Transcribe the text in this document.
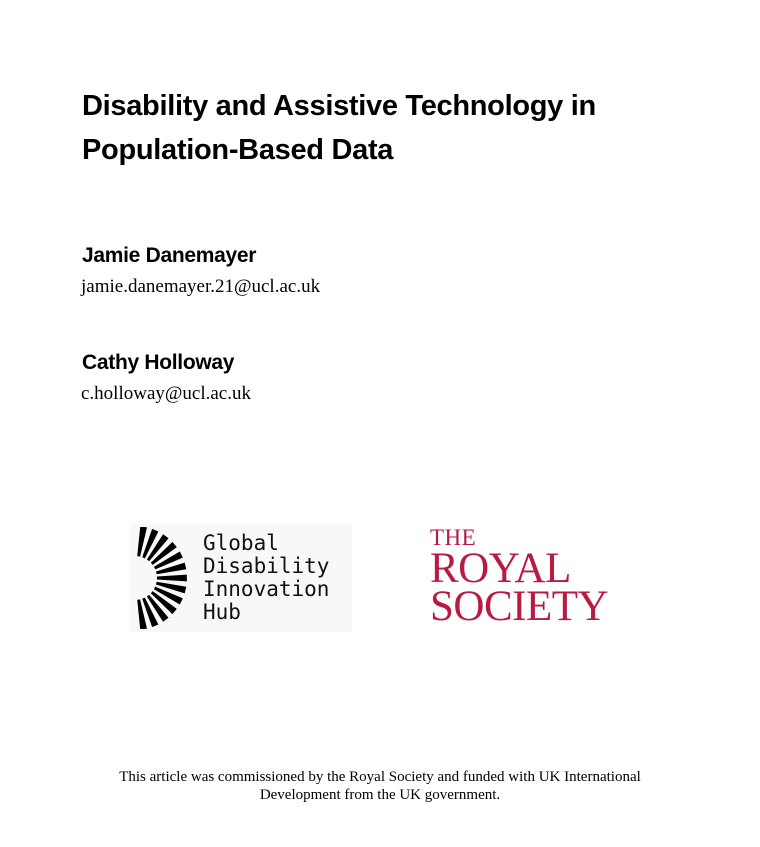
Disability and Assistive Technology in Population-Based Data
Jamie Danemayer
jamie.danemayer.21@ucl.ac.uk
Cathy Holloway
c.holloway@ucl.ac.uk
Global
Disability
Innovation
Hub
THE
ROYAL
SOCIETY
This article was commissioned by the Royal Society and funded with UK International Development from the UK government.
